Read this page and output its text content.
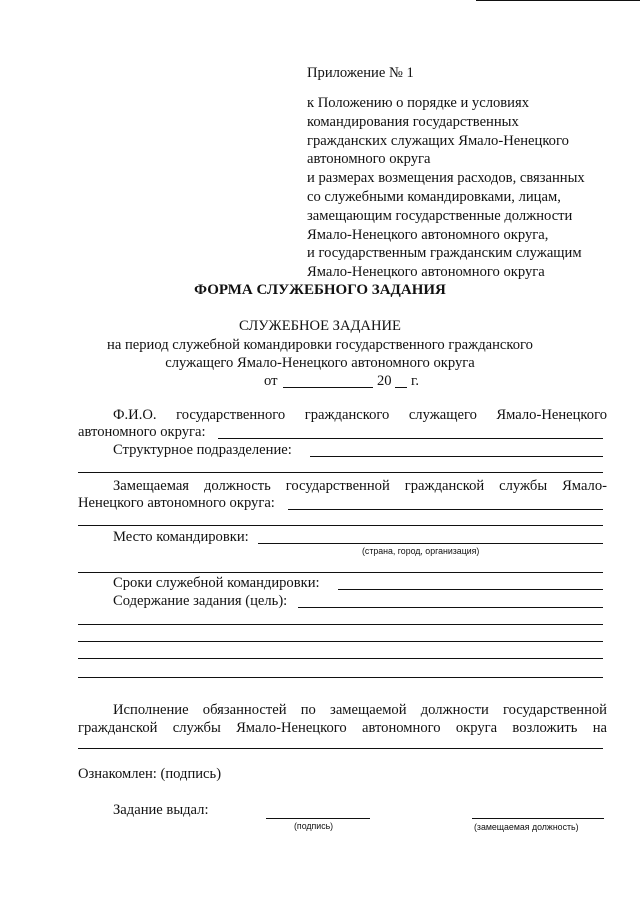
Приложение № 1
к Положению о порядке и условиях
командирования государственных
гражданских служащих Ямало-Ненецкого
автономного округа
и размерах возмещения расходов, связанных
со служебными командировками, лицам,
замещающим государственные должности
Ямало-Ненецкого автономного округа,
и государственным гражданским служащим
Ямало-Ненецкого автономного округа
ФОРМА СЛУЖЕБНОГО ЗАДАНИЯ
СЛУЖЕБНОЕ ЗАДАНИЕ
на период служебной командировки государственного гражданского
служащего Ямало-Ненецкого автономного округа
от	20 г.
Ф.И.О. государственного гражданского служащего Ямало-Ненецкого
автономного округа:
Структурное подразделение:
Замещаемая должность государственной гражданской службы Ямало-
Ненецкого автономного округа:
Место командировки:
(страна, город, организация)
Сроки служебной командировки:
Содержание задания (цель):
Исполнение обязанностей по замещаемой должности государственной
гражданской службы Ямало-Ненецкого автономного округа возложить на
Ознакомлен: (подпись)
Задание выдал:
(подпись)	(замещаемая должность)
